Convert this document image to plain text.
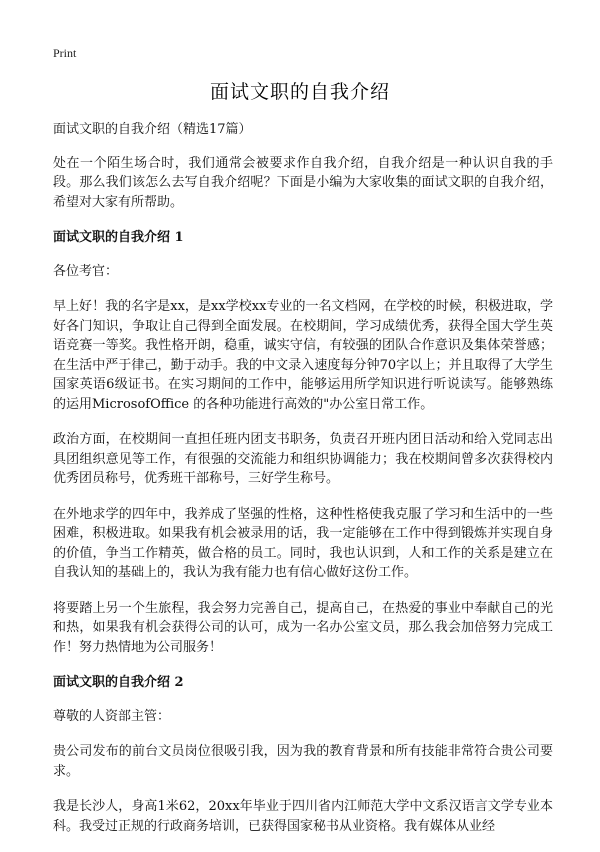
Print
面试文职的自我介绍

面试文职的自我介绍（精选17篇）

处在一个陌生场合时，我们通常会被要求作自我介绍，自我介绍是一种认识自我的手段。那么我们该怎么去写自我介绍呢？下面是小编为大家收集的面试文职的自我介绍，希望对大家有所帮助。

面试文职的自我介绍 1

各位考官：

早上好！我的名字是xx，是xx学校xx专业的一名文档网，在学校的时候，积极进取，学好各门知识，争取让自己得到全面发展。在校期间，学习成绩优秀，获得全国大学生英语竞赛一等奖。我性格开朗，稳重，诚实守信，有较强的团队合作意识及集体荣誉感；在生活中严于律己，勤于动手。我的中文录入速度每分钟70字以上；并且取得了大学生国家英语6级证书。在实习期间的工作中，能够运用所学知识进行听说读写。能够熟练的运用MicrosofOffice 的各种功能进行高效的"办公室日常工作。

政治方面，在校期间一直担任班内团支书职务，负责召开班内团日活动和给入党同志出具团组织意见等工作，有很强的交流能力和组织协调能力；我在校期间曾多次获得校内优秀团员称号，优秀班干部称号，三好学生称号。

在外地求学的四年中，我养成了坚强的性格，这种性格使我克服了学习和生活中的一些困难，积极进取。如果我有机会被录用的话，我一定能够在工作中得到锻炼并实现自身的价值，争当工作精英，做合格的员工。同时，我也认识到，人和工作的关系是建立在自我认知的基础上的，我认为我有能力也有信心做好这份工作。

将要踏上另一个生旅程，我会努力完善自己，提高自己，在热爱的事业中奉献自己的光和热，如果我有机会获得公司的认可，成为一名办公室文员，那么我会加倍努力完成工作！努力热情地为公司服务！

面试文职的自我介绍 2

尊敬的人资部主管：

贵公司发布的前台文员岗位很吸引我，因为我的教育背景和所有技能非常符合贵公司要求。

我是长沙人，身高1米62，20xx年毕业于四川省内江师范大学中文系汉语言文学专业本科。我受过正规的行政商务培训，已获得国家秘书从业资格。我有媒体从业经
